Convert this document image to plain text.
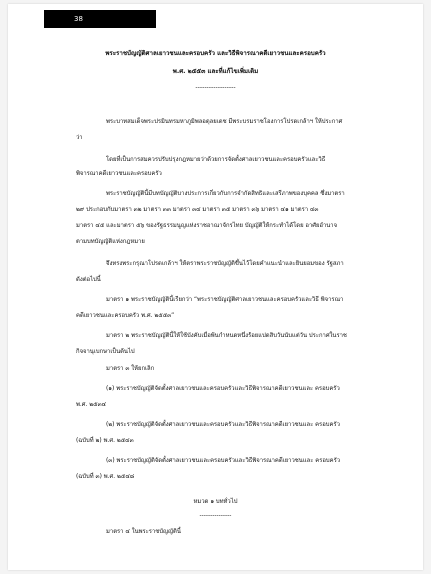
38
พระราชบัญญัติศาลเยาวชนและครอบครัว และวิธีพิจารณาคดีเยาวชนและครอบครัว
พ.ศ. ๒๕๕๓ และที่แก้ไขเพิ่มเติม
------------------
พระบาทสมเด็จพระปรมินทรมหาภูมิพลอดุลยเดช มีพระบรมราชโองการโปรดเกล้าฯ ให้ประกาศ
ว่า
โดยที่เป็นการสมควรปรับปรุงกฎหมายว่าด้วยการจัดตั้งศาลเยาวชนและครอบครัวและวิธี
พิจารณาคดีเยาวชนและครอบครัว
พระราชบัญญัตินี้มีบทบัญญัติบางประการเกี่ยวกับการจำกัดสิทธิและเสรีภาพของบุคคล ซึ่งมาตรา
๒๙ ประกอบกับมาตรา ๓๒ มาตรา ๓๓ มาตรา ๓๔ มาตรา ๓๕ มาตรา ๓๖ มาตรา ๔๑ มาตรา ๔๓
มาตรา ๔๕ และมาตรา ๕๖ ของรัฐธรรมนูญแห่งราชอาณาจักรไทย บัญญัติให้กระทำได้โดย อาศัยอำนาจ
ตามบทบัญญัติแห่งกฎหมาย
จึงทรงพระกรุณาโปรดเกล้าฯ ให้ตราพระราชบัญญัติขึ้นไว้โดยคำแนะนำและยินยอมของ รัฐสภา
ดังต่อไปนี้
มาตรา ๑ พระราชบัญญัตินี้เรียกว่า “พระราชบัญญัติศาลเยาวชนและครอบครัวและวิธี พิจารณา
คดีเยาวชนและครอบครัว พ.ศ. ๒๕๕๓”
มาตรา ๒ พระราชบัญญัตินี้ให้ใช้บังคับเมื่อพ้นกำหนดหนึ่งร้อยแปดสิบวันนับแต่วัน ประกาศในราช
กิจจานุเบกษาเป็นต้นไป
มาตรา ๓ ให้ยกเลิก
(๑) พระราชบัญญัติจัดตั้งศาลเยาวชนและครอบครัวและวิธีพิจารณาคดีเยาวชนและ ครอบครัว
พ.ศ. ๒๕๓๔
(๒) พระราชบัญญัติจัดตั้งศาลเยาวชนและครอบครัวและวิธีพิจารณาคดีเยาวชนและ ครอบครัว
(ฉบับที่ ๒) พ.ศ. ๒๕๔๓
(๓) พระราชบัญญัติจัดตั้งศาลเยาวชนและครอบครัวและวิธีพิจารณาคดีเยาวชนและ ครอบครัว
(ฉบับที่ ๓) พ.ศ. ๒๕๔๘
หมวด ๑ บททั่วไป
---------------
มาตรา ๔ ในพระราชบัญญัตินี้
